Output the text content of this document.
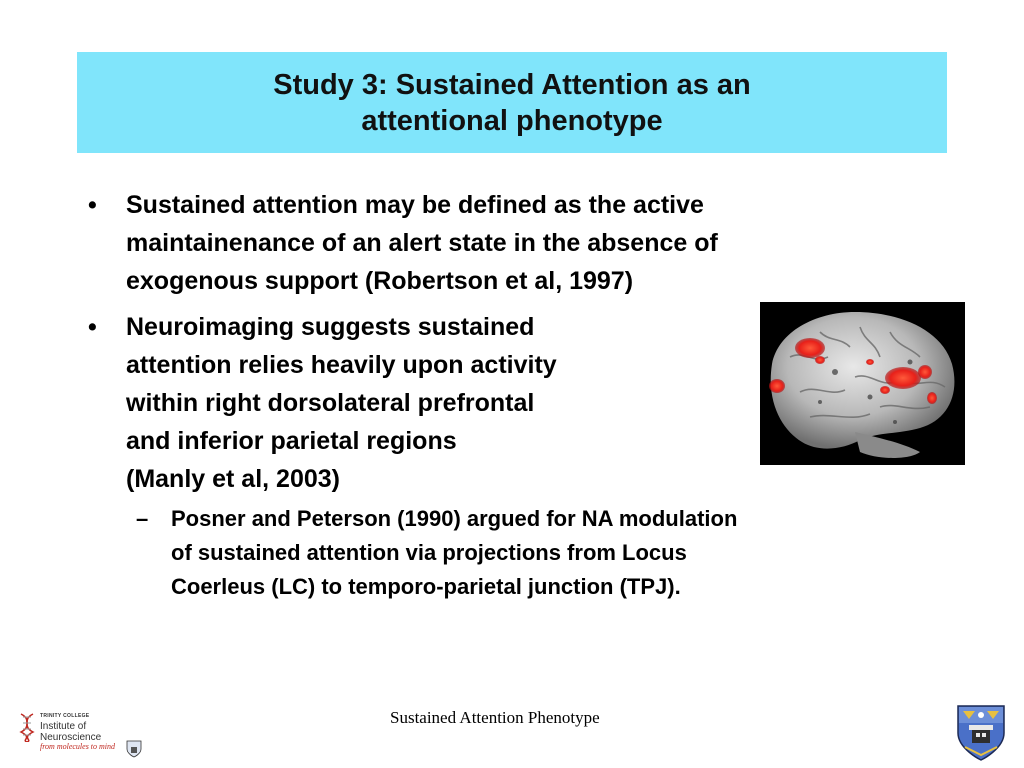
Study 3: Sustained Attention as an
attentional phenotype
•	Sustained attention may be defined as the active
maintainenance of an alert state in the absence of
exogenous support (Robertson et al, 1997)
•	Neuroimaging suggests sustained
attention relies heavily upon activity
within right dorsolateral prefrontal
and inferior parietal regions
(Manly et al, 2003)
– Posner and Peterson (1990) argued for NA modulation
of sustained attention via projections from Locus
Coerleus (LC) to temporo-parietal junction (TPJ).
Sustained Attention Phenotype
TRINITY COLLEGE
Institute of Neuroscience
from molecules to mind
